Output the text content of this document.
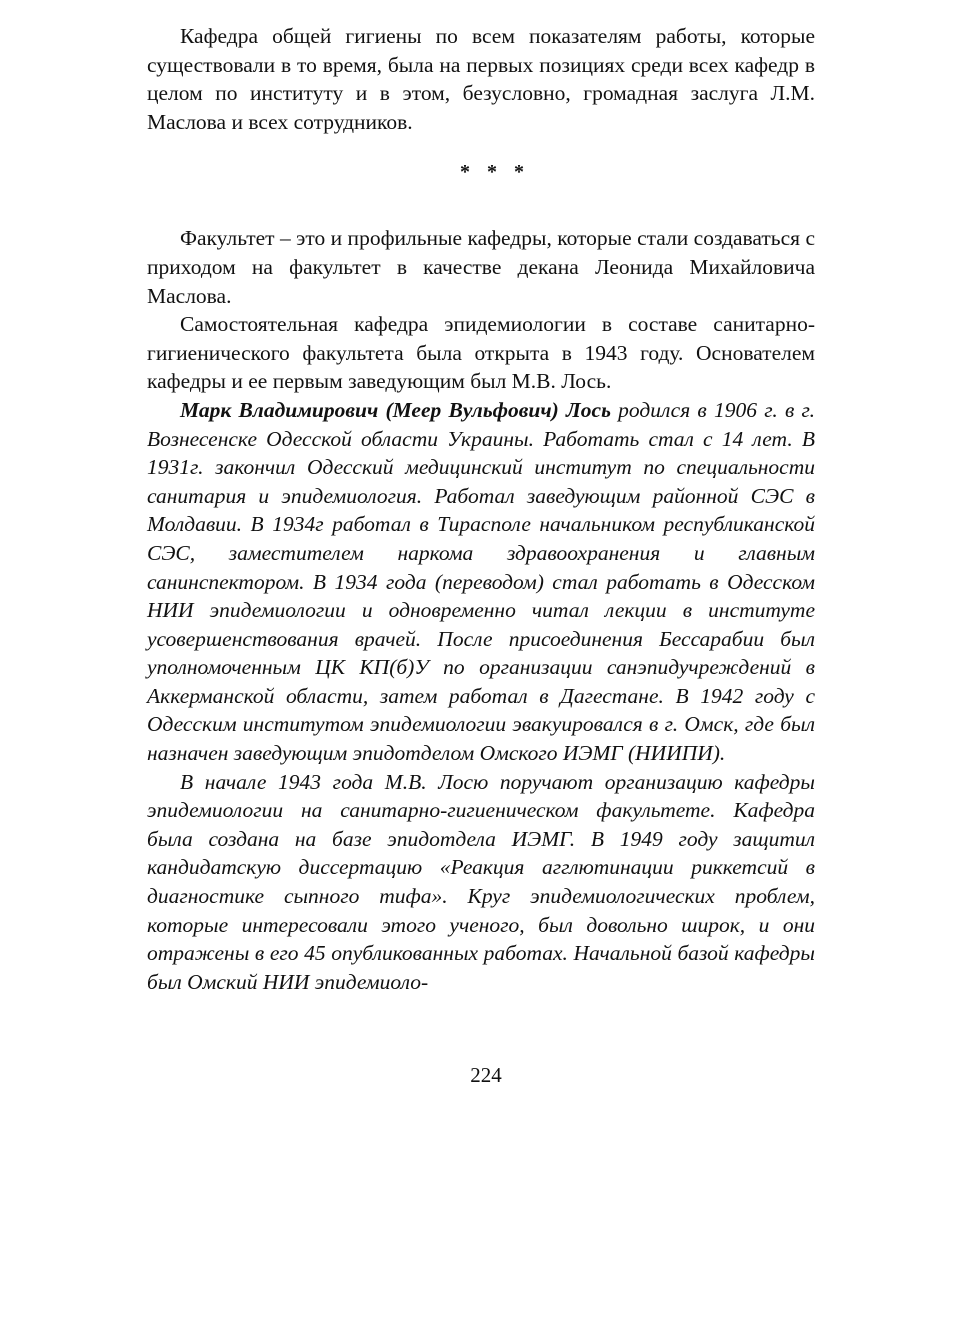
Кафедра общей гигиены по всем показателям работы, которые существовали в то время, была на первых позициях среди всех кафедр в целом по институту и в этом, безусловно, громадная заслуга Л.М. Маслова и всех сотрудников.

* * *

Факультет – это и профильные кафедры, которые стали создаваться с приходом на факультет в качестве декана Леонида Михайловича Маслова.

Самостоятельная кафедра эпидемиологии в составе санитарно-гигиенического факультета была открыта в 1943 году. Основателем кафедры и ее первым заведующим был М.В. Лось.

Марк Владимирович (Меер Вульфович) Лось родился в 1906 г. в г. Вознесенске Одесской области Украины. Работать стал с 14 лет. В 1931г. закончил Одесский медицинский институт по специальности санитария и эпидемиология. Работал заведующим районной СЭС в Молдавии. В 1934г работал в Тирасполе начальником республиканской СЭС, заместителем наркома здравоохранения и главным санинспектором. В 1934 года (переводом) стал работать в Одесском НИИ эпидемиологии и одновременно читал лекции в институте усовершенствования врачей. После присоединения Бессарабии был уполномоченным ЦК КП(б)У по организации санэпидучреждений в Аккерманской области, затем работал в Дагестане. В 1942 году с Одесским институтом эпидемиологии эвакуировался в г. Омск, где был назначен заведующим эпидотделом Омского ИЭМГ (НИИПИ).

В начале 1943 года М.В. Лосю поручают организацию кафедры эпидемиологии на санитарно-гигиеническом факультете. Кафедра была создана на базе эпидотдела ИЭМГ. В 1949 году защитил кандидатскую диссертацию «Реакция агглютинации риккетсий в диагностике сыпного тифа». Круг эпидемиологических проблем, которые интересовали этого ученого, был довольно широк, и они отражены в его 45 опубликованных работах. Начальной базой кафедры был Омский НИИ эпидемиоло-

224
